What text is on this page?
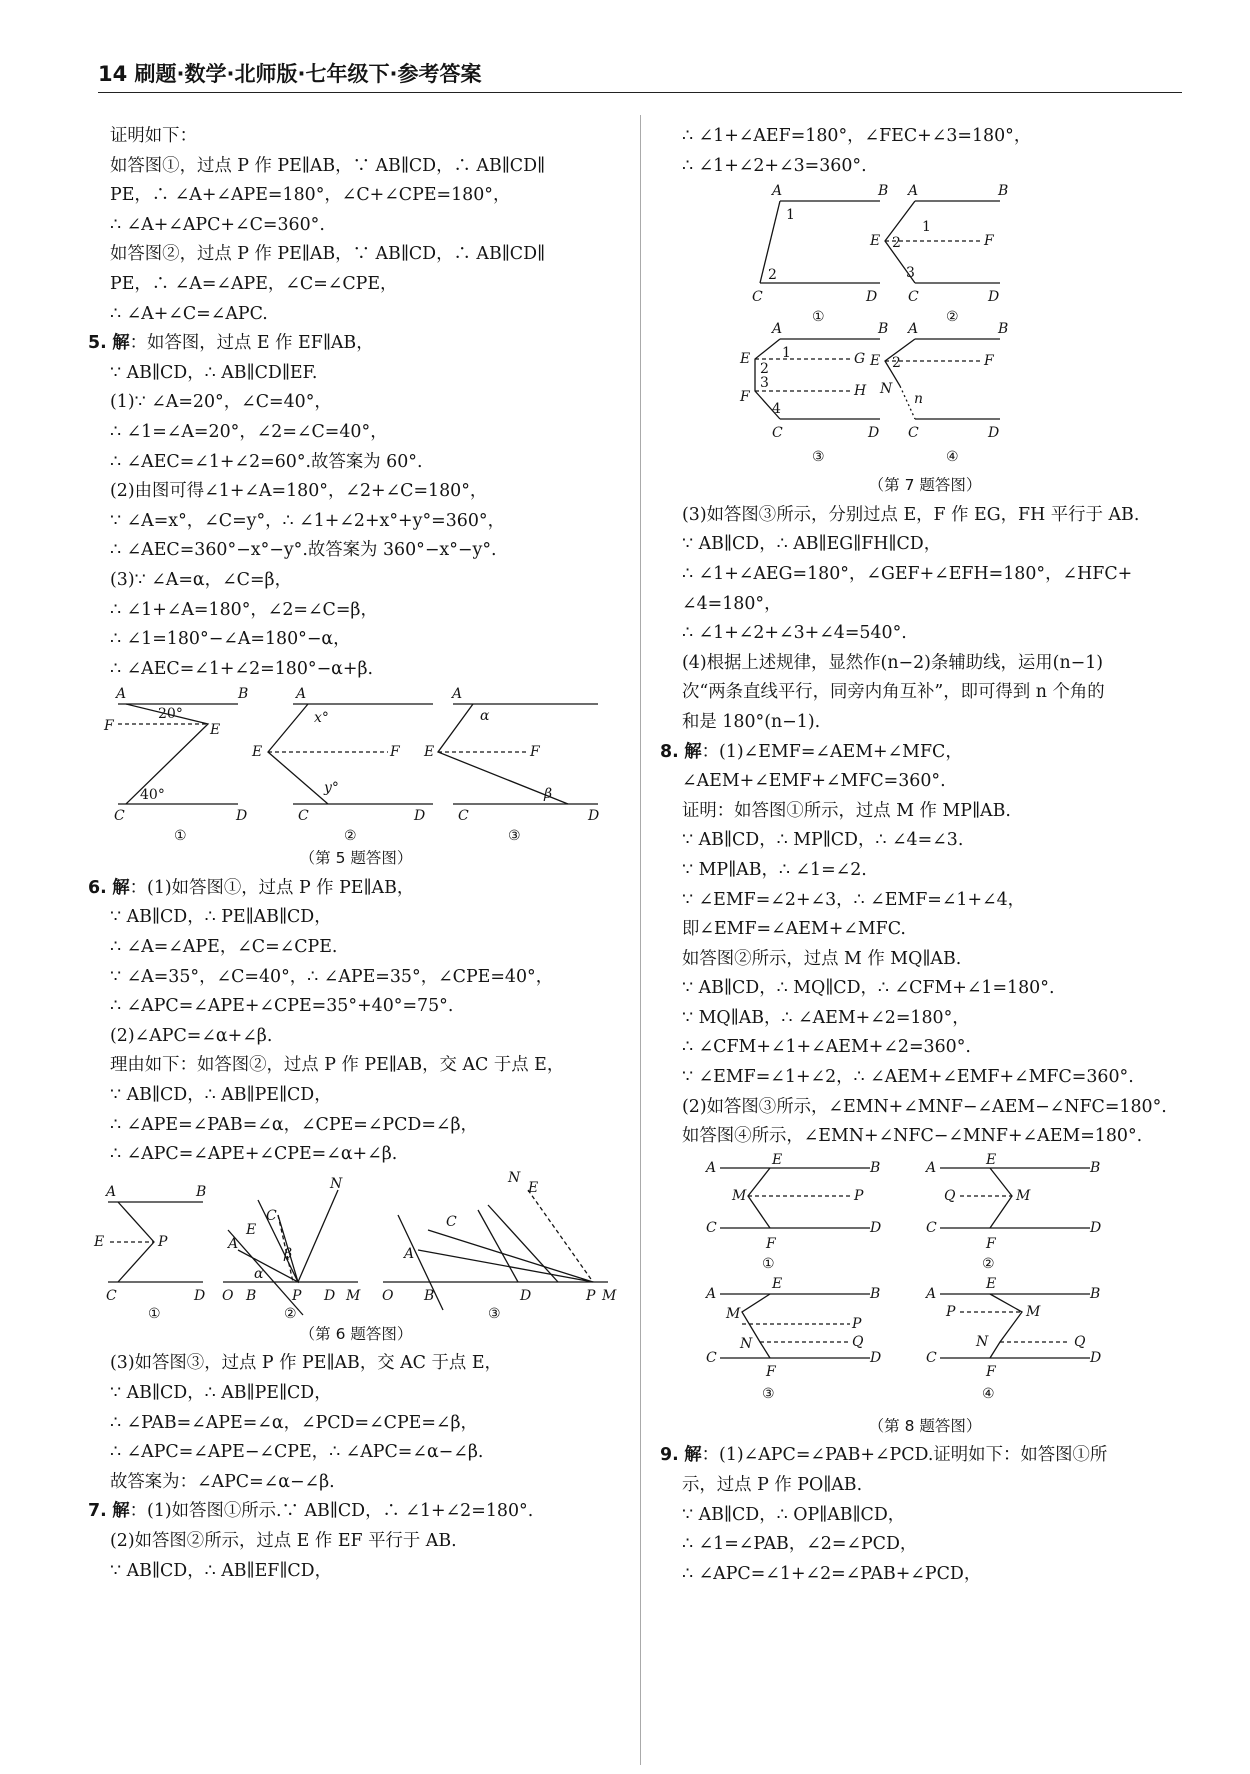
14 刷题·数学·北师版·七年级下·参考答案
证明如下：
如答图①，过点 P 作 PE∥AB，∵ AB∥CD，∴ AB∥CD∥
PE，∴ ∠A+∠APE=180°，∠C+∠CPE=180°，
∴ ∠A+∠APC+∠C=360°.
如答图②，过点 P 作 PE∥AB，∵ AB∥CD，∴ AB∥CD∥
PE，∴ ∠A=∠APE，∠C=∠CPE，
∴ ∠A+∠C=∠APC.
5. 解：如答图，过点 E 作 EF∥AB，
∵ AB∥CD，∴ AB∥CD∥EF.
(1)∵ ∠A=20°，∠C=40°，
∴ ∠1=∠A=20°，∠2=∠C=40°，
∴ ∠AEC=∠1+∠2=60°.故答案为 60°.
(2)由图可得∠1+∠A=180°，∠2+∠C=180°，
∵ ∠A=x°，∠C=y°，∴ ∠1+∠2+x°+y°=360°，
∴ ∠AEC=360°−x°−y°.故答案为 360°−x°−y°.
(3)∵ ∠A=α，∠C=β，
∴ ∠1+∠A=180°，∠2=∠C=β，
∴ ∠1=180°−∠A=180°−α，
∴ ∠AEC=∠1+∠2=180°−α+β.
A	B
F	E
20°
40°
C	D
①
A
x°
E	F
y°
C	D
②
A
α
E	F
β
C	D
③
（第 5 题答图）
6. 解：(1)如答图①，过点 P 作 PE∥AB，
∵ AB∥CD，∴ PE∥AB∥CD，
∴ ∠A=∠APE，∠C=∠CPE.
∵ ∠A=35°，∠C=40°，∴ ∠APE=35°，∠CPE=40°，
∴ ∠APC=∠APE+∠CPE=35°+40°=75°.
(2)∠APC=∠α+∠β.
理由如下：如答图②，过点 P 作 PE∥AB，交 AC 于点 E，
∵ AB∥CD，∴ AB∥PE∥CD，
∴ ∠APE=∠PAB=∠α，∠CPE=∠PCD=∠β，
∴ ∠APC=∠APE+∠CPE=∠α+∠β.
A	B
E	P
C	D
①
A
E
C
N
β
α
O B	P D M
②
A
C
E
N
O B	D	P M
③
（第 6 题答图）
(3)如答图③，过点 P 作 PE∥AB，交 AC 于点 E，
∵ AB∥CD，∴ AB∥PE∥CD，
∴ ∠PAB=∠APE=∠α，∠PCD=∠CPE=∠β，
∴ ∠APC=∠APE−∠CPE，∴ ∠APC=∠α−∠β.
故答案为：∠APC=∠α−∠β.
7. 解：(1)如答图①所示.∵ AB∥CD，∴ ∠1+∠2=180°.
(2)如答图②所示，过点 E 作 EF 平行于 AB.
∵ AB∥CD，∴ AB∥EF∥CD，
∴ ∠1+∠AEF=180°，∠FEC+∠3=180°，
∴ ∠1+∠2+∠3=360°.
A	B
1
2
C	D
①
A	B
1
E 2	F
3
C	D
②
A	B
E 1
2
G
3	H
F
4
C	D
③
A	B
E 2	F
N
n
C	D
④
（第 7 题答图）
(3)如答图③所示，分别过点 E，F 作 EG，FH 平行于 AB.
∵ AB∥CD，∴ AB∥EG∥FH∥CD，
∴ ∠1+∠AEG=180°，∠GEF+∠EFH=180°，∠HFC+
∠4=180°，
∴ ∠1+∠2+∠3+∠4=540°.
(4)根据上述规律，显然作(n−2)条辅助线，运用(n−1)
次“两条直线平行，同旁内角互补”，即可得到 n 个角的
和是 180°(n−1).
8. 解：(1)∠EMF=∠AEM+∠MFC，
∠AEM+∠EMF+∠MFC=360°.
证明：如答图①所示，过点 M 作 MP∥AB.
∵ AB∥CD，∴ MP∥CD，∴ ∠4=∠3.
∵ MP∥AB，∴ ∠1=∠2.
∵ ∠EMF=∠2+∠3，∴ ∠EMF=∠1+∠4，
即∠EMF=∠AEM+∠MFC.
如答图②所示，过点 M 作 MQ∥AB.
∵ AB∥CD，∴ MQ∥CD，∴ ∠CFM+∠1=180°.
∵ MQ∥AB，∴ ∠AEM+∠2=180°，
∴ ∠CFM+∠1+∠AEM+∠2=360°.
∵ ∠EMF=∠1+∠2，∴ ∠AEM+∠EMF+∠MFC=360°.
(2)如答图③所示，∠EMN+∠MNF−∠AEM−∠NFC=180°.
如答图④所示，∠EMN+∠NFC−∠MNF+∠AEM=180°.
A	E	B
M	P
C	D
F
①
A	E	B
Q	M
C	D
F
②
A
E
B
M
P
N	Q
C	D
F
③
A
E
B
P	M
N	Q
C	D
F
④
（第 8 题答图）
9. 解：(1)∠APC=∠PAB+∠PCD.证明如下：如答图①所
示，过点 P 作 PO∥AB.
∵ AB∥CD，∴ OP∥AB∥CD，
∴ ∠1=∠PAB，∠2=∠PCD，
∴ ∠APC=∠1+∠2=∠PAB+∠PCD，
